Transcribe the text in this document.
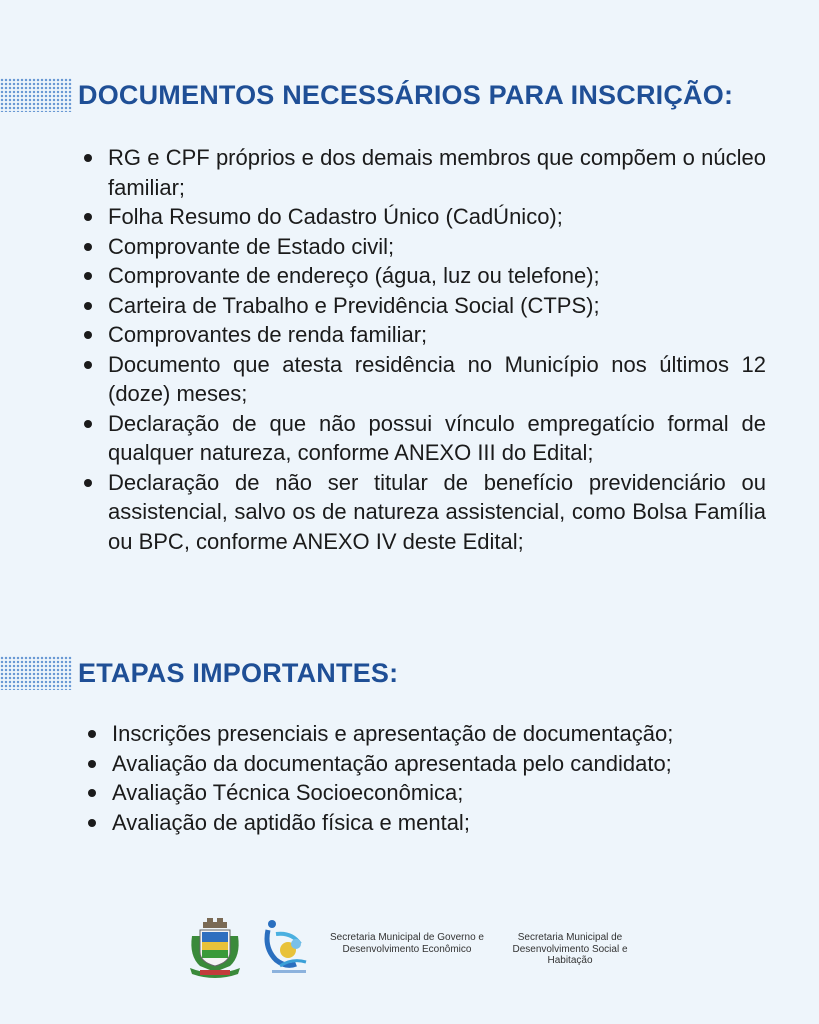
DOCUMENTOS NECESSÁRIOS PARA INSCRIÇÃO:
RG e CPF próprios e dos demais membros que compõem o núcleo familiar;
Folha Resumo do Cadastro Único (CadÚnico);
Comprovante de Estado civil;
Comprovante de endereço (água, luz ou telefone);
Carteira de Trabalho e Previdência Social (CTPS);
Comprovantes de renda familiar;
Documento que atesta residência no Município nos últimos 12 (doze) meses;
Declaração de que não possui vínculo empregatício formal de qualquer natureza, conforme ANEXO III do Edital;
Declaração de não ser titular de benefício previdenciário ou assistencial, salvo os de natureza assistencial, como Bolsa Família ou BPC, conforme ANEXO IV deste Edital;
ETAPAS IMPORTANTES:
Inscrições presenciais e apresentação de documentação;
Avaliação da documentação apresentada pelo candidato;
Avaliação Técnica Socioeconômica;
Avaliação de aptidão física e mental;
Secretaria Municipal de Governo e Desenvolvimento Econômico
Secretaria Municipal de Desenvolvimento Social e Habitação
